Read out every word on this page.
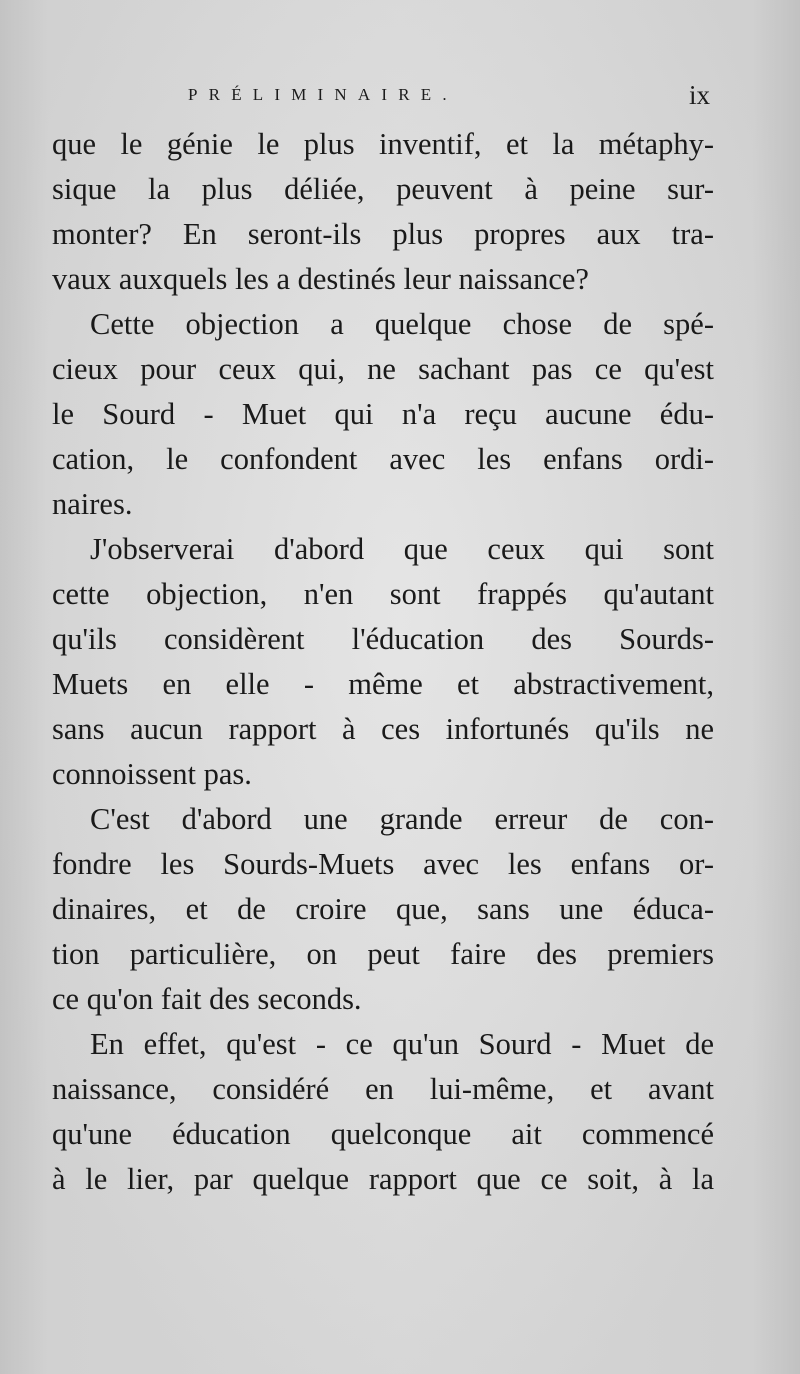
PRÉLIMINAIRE.	ix
que le génie le plus inventif, et la métaphy-
sique la plus déliée, peuvent à peine sur-
monter? En seront-ils plus propres aux tra-
vaux auxquels les a destinés leur naissance?
Cette objection a quelque chose de spé-
cieux pour ceux qui, ne sachant pas ce qu'est
le Sourd - Muet qui n'a reçu aucune édu-
cation, le confondent avec les enfans ordi-
naires.
J'observerai d'abord que ceux qui sont
cette objection, n'en sont frappés qu'autant
qu'ils considèrent l'éducation des Sourds-
Muets en elle - même et abstractivement,
sans aucun rapport à ces infortunés qu'ils ne
connoissent pas.
C'est d'abord une grande erreur de con-
fondre les Sourds-Muets avec les enfans or-
dinaires, et de croire que, sans une éduca-
tion particulière, on peut faire des premiers
ce qu'on fait des seconds.
En effet, qu'est - ce qu'un Sourd - Muet de
naissance, considéré en lui-même, et avant
qu'une éducation quelconque ait commencé
à le lier, par quelque rapport que ce soit, à la
